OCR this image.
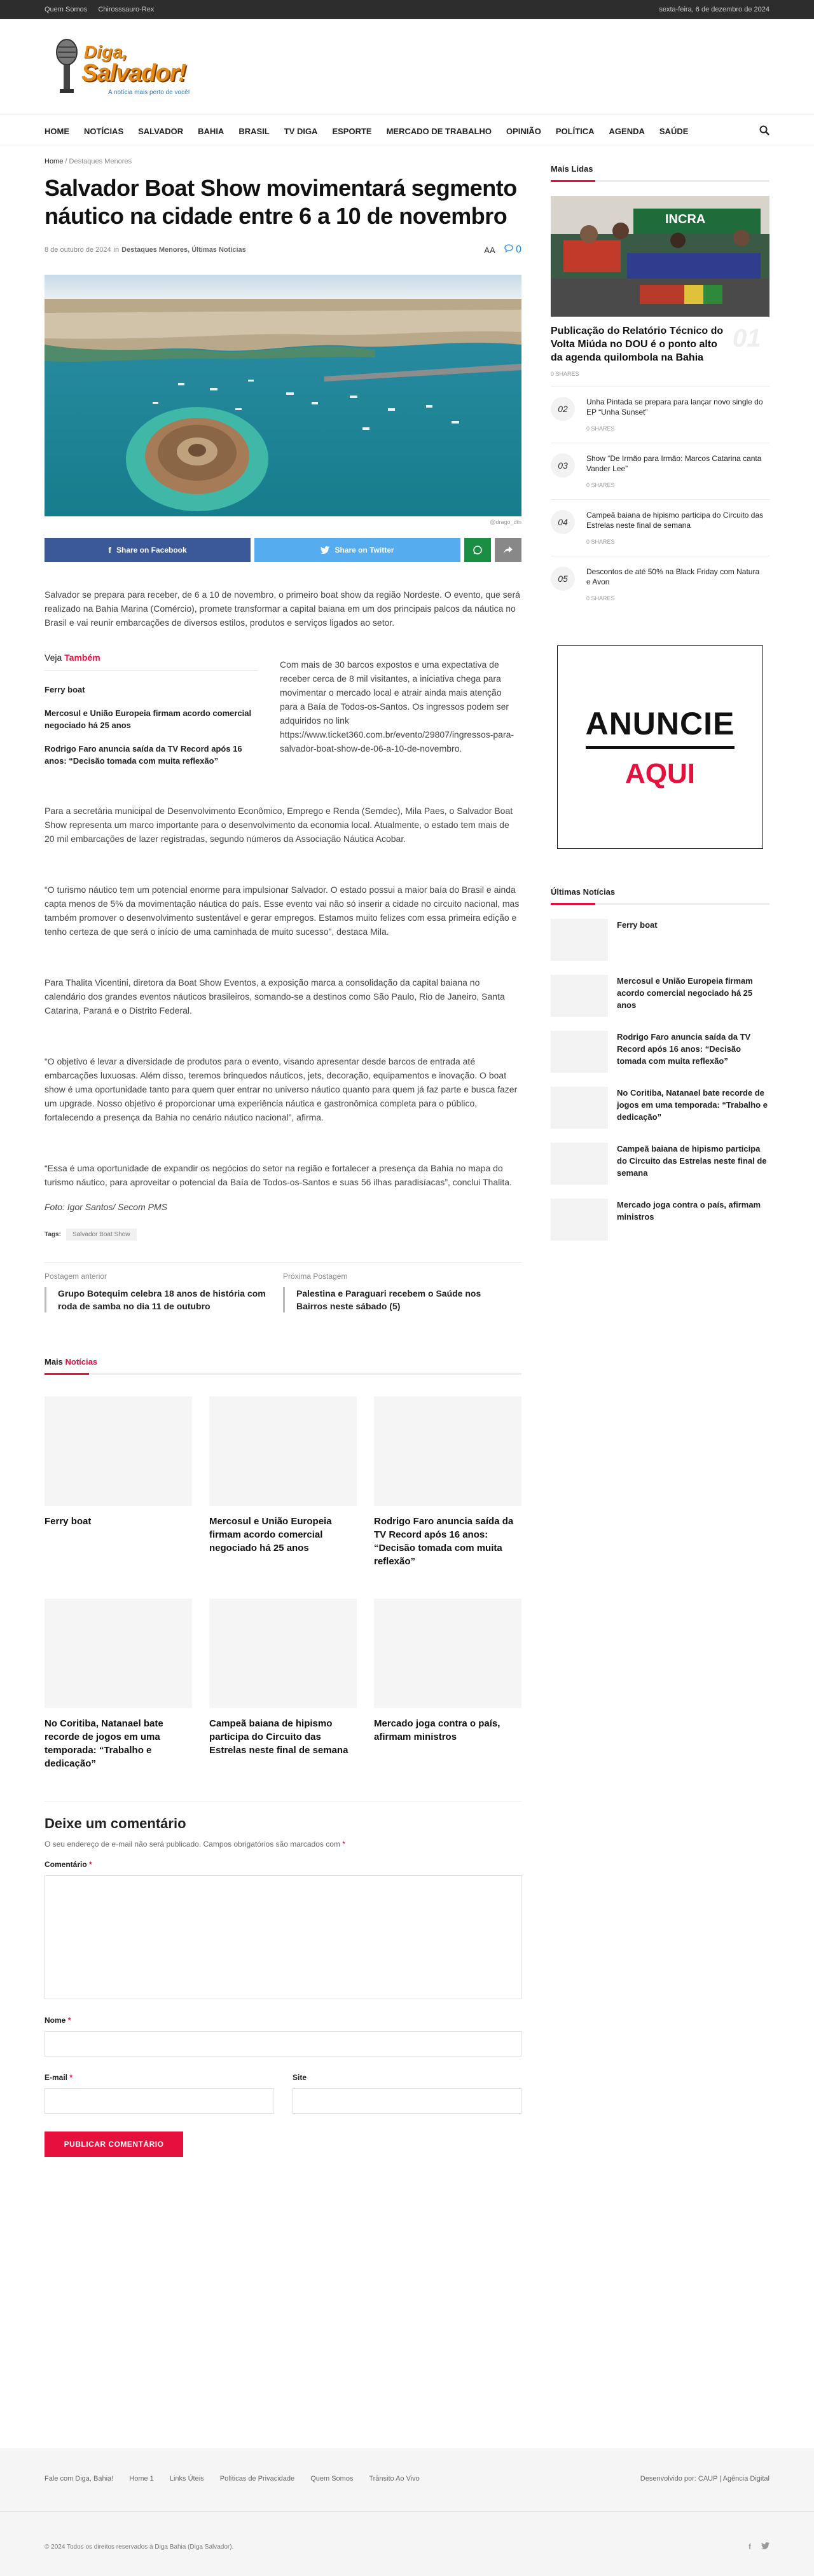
Quem Somos Chirosssauro-Rex	sexta-feira, 6 de dezembro de 2024
Diga,
Salvador!
A notícia mais perto de você!
HOME NOTÍCIAS SALVADOR BAHIA BRASIL TV DIGA ESPORTE MERCADO DE TRABALHO OPINIÃO POLÍTICA AGENDA SAÚDE
Home / Destaques Menores
Salvador Boat Show movimentará segmento náutico na cidade entre 6 a 10 de novembro
8 de outubro de 2024 in Destaques Menores, Últimas Notícias	AA	0
@drago_dtn
f Share on Facebook	Share on Twitter

Salvador se prepara para receber, de 6 a 10 de novembro, o primeiro boat show da região Nordeste. O evento, que será realizado na Bahia Marina (Comércio), promete transformar a capital baiana em um dos principais palcos da náutica no Brasil e vai reunir embarcações de diversos estilos, produtos e serviços ligados ao setor.

Veja Também
Ferry boat
Mercosul e União Europeia firmam acordo comercial negociado há 25 anos
Rodrigo Faro anuncia saída da TV Record após 16 anos: “Decisão tomada com muita reflexão”

Com mais de 30 barcos expostos e uma expectativa de receber cerca de 8 mil visitantes, a iniciativa chega para movimentar o mercado local e atrair ainda mais atenção para a Baía de Todos-os-Santos. Os ingressos podem ser adquiridos no link https://www.ticket360.com.br/evento/29807/ingressos-para-salvador-boat-show-de-06-a-10-de-novembro.

Para a secretária municipal de Desenvolvimento Econômico, Emprego e Renda (Semdec), Mila Paes, o Salvador Boat Show representa um marco importante para o desenvolvimento da economia local. Atualmente, o estado tem mais de 20 mil embarcações de lazer registradas, segundo números da Associação Náutica Acobar.

“O turismo náutico tem um potencial enorme para impulsionar Salvador. O estado possui a maior baía do Brasil e ainda capta menos de 5% da movimentação náutica do país. Esse evento vai não só inserir a cidade no circuito nacional, mas também promover o desenvolvimento sustentável e gerar empregos. Estamos muito felizes com essa primeira edição e tenho certeza de que será o início de uma caminhada de muito sucesso”, destaca Mila.

Para Thalita Vicentini, diretora da Boat Show Eventos, a exposição marca a consolidação da capital baiana no calendário dos grandes eventos náuticos brasileiros, somando-se a destinos como São Paulo, Rio de Janeiro, Santa Catarina, Paraná e o Distrito Federal.

“O objetivo é levar a diversidade de produtos para o evento, visando apresentar desde barcos de entrada até embarcações luxuosas. Além disso, teremos brinquedos náuticos, jets, decoração, equipamentos e inovação. O boat show é uma oportunidade tanto para quem quer entrar no universo náutico quanto para quem já faz parte e busca fazer um upgrade. Nosso objetivo é proporcionar uma experiência náutica e gastronômica completa para o público, fortalecendo a presença da Bahia no cenário náutico nacional”, afirma.

“Essa é uma oportunidade de expandir os negócios do setor na região e fortalecer a presença da Bahia no mapa do turismo náutico, para aproveitar o potencial da Baía de Todos-os-Santos e suas 56 ilhas paradisíacas”, conclui Thalita.

Foto: Igor Santos/ Secom PMS

Tags:	Salvador Boat Show
Postagem anterior
Grupo Botequim celebra 18 anos de história com roda de samba no dia 11 de outubro
Próxima Postagem
Palestina e Paraguari recebem o Saúde nos Bairros neste sábado (5)
Mais Notícias
Ferry boat	Mercosul e União Europeia firmam acordo comercial negociado há 25 anos
Rodrigo Faro anuncia saída da TV Record após 16 anos: “Decisão tomada com muita reflexão”
No Coritiba, Natanael bate recorde de jogos em uma temporada: “Trabalho e dedicação”
Campeã baiana de hipismo participa do Circuito das Estrelas neste final de semana
Mercado joga contra o país, afirmam ministros
Deixe um comentário
O seu endereço de e-mail não será publicado. Campos obrigatórios são marcados com *
Comentário *
Nome *
E-mail *	Site
PUBLICAR COMENTÁRIO
Mais Lidas
INCRA
Publicação do Relatório Técnico do Volta Miúda no DOU é o ponto alto da agenda quilombola na Bahia
01
0 SHARES
02
Unha Pintada se prepara para lançar novo single do EP “Unha Sunset”
0 SHARES
03
Show “De Irmão para Irmão: Marcos Catarina canta Vander Lee”
0 SHARES
04
Campeã baiana de hipismo participa do Circuito das Estrelas neste final de semana
0 SHARES
05
Descontos de até 50% na Black Friday com Natura e Avon
0 SHARES
ANUNCIE
AQUI
Últimas Notícias
Ferry boat
Mercosul e União Europeia firmam acordo comercial negociado há 25 anos
Rodrigo Faro anuncia saída da TV Record após 16 anos: “Decisão tomada com muita reflexão”
No Coritiba, Natanael bate recorde de jogos em uma temporada: “Trabalho e dedicação”
Campeã baiana de hipismo participa do Circuito das Estrelas neste final de semana
Mercado joga contra o país, afirmam ministros
Fale com Diga, Bahia! Home 1 Links Úteis Políticas de Privacidade Quem Somos Trânsito Ao Vivo	Desenvolvido por: CAUP | Agência Digital
© 2024 Todos os direitos reservados à Diga Bahia (Diga Salvador).	f
